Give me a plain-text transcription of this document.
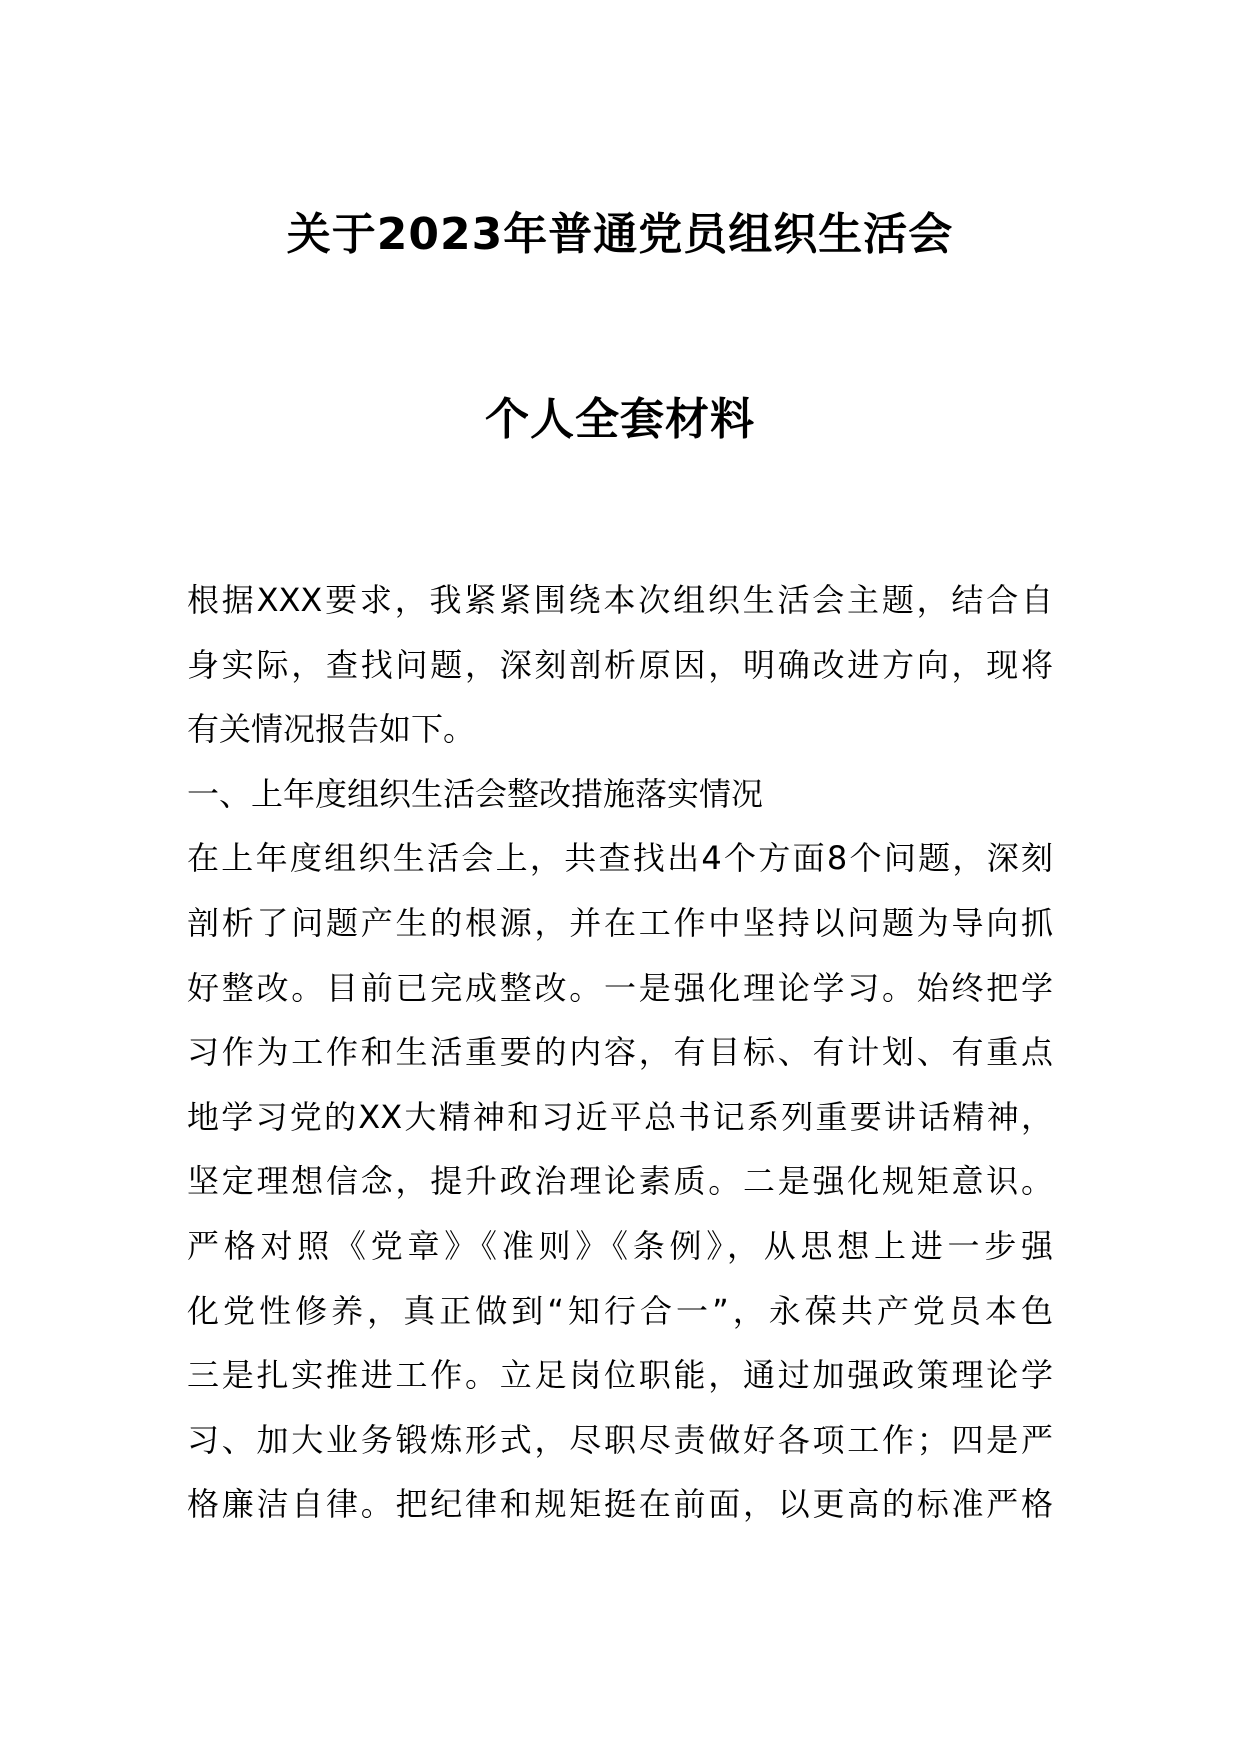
关于2023年普通党员组织生活会
个人全套材料
根据XXX要求，我紧紧围绕本次组织生活会主题，结合自
身实际，查找问题，深刻剖析原因，明确改进方向，现将
有关情况报告如下。
一、上年度组织生活会整改措施落实情况
在上年度组织生活会上，共查找出4个方面8个问题，深刻
剖析了问题产生的根源，并在工作中坚持以问题为导向抓
好整改。目前已完成整改。一是强化理论学习。始终把学
习作为工作和生活重要的内容，有目标、有计划、有重点
地学习党的XX大精神和习近平总书记系列重要讲话精神，
坚定理想信念，提升政治理论素质。二是强化规矩意识。
严格对照《党章》《准则》《条例》，从思想上进一步强
化党性修养，真正做到“知行合一”，永葆共产党员本色
三是扎实推进工作。立足岗位职能，通过加强政策理论学
习、加大业务锻炼形式，尽职尽责做好各项工作；四是严
格廉洁自律。把纪律和规矩挺在前面，以更高的标准严格
